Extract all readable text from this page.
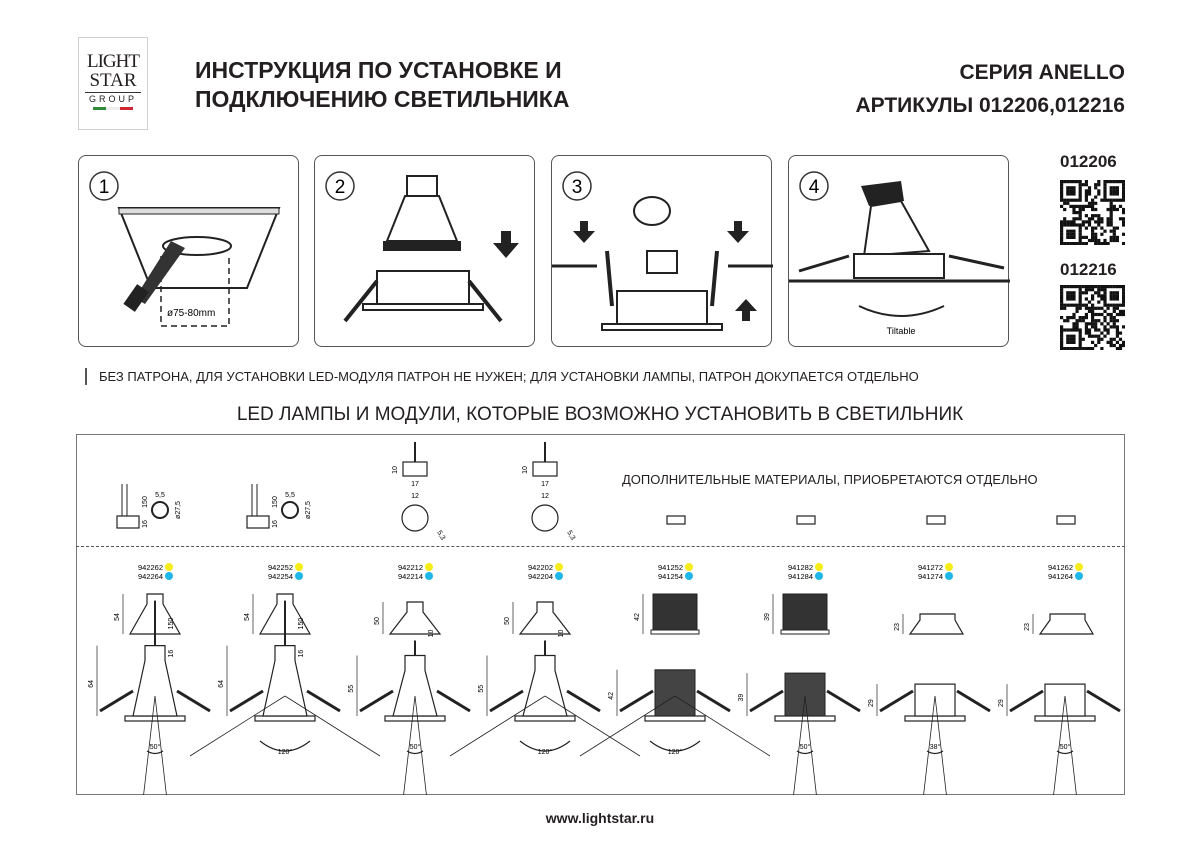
LIGHT
STAR
GROUP
ИНСТРУКЦИЯ ПО УСТАНОВКЕ И
ПОДКЛЮЧЕНИЮ СВЕТИЛЬНИКА
СЕРИЯ ANELLO
АРТИКУЛЫ 012206,012216
1
ø75-80mm
2	3	4
Tiltable
012206
012216
БЕЗ ПАТРОНА, ДЛЯ УСТАНОВКИ LED-МОДУЛЯ ПАТРОН НЕ НУЖЕН; ДЛЯ УСТАНОВКИ ЛАМПЫ, ПАТРОН ДОКУПАЕТСЯ ОТДЕЛЬНО
LED ЛАМПЫ И МОДУЛИ, КОТОРЫЕ ВОЗМОЖНО УСТАНОВИТЬ В СВЕТИЛЬНИК
ДОПОЛНИТЕЛЬНЫЕ МАТЕРИАЛЫ, ПРИОБРЕТАЮТСЯ ОТДЕЛЬНО
150
16
5,5
ø27,5
942262
942264
54
150
16
64
50°
150
16
5,5
ø27,5
942252
942254
54
150
16
64
120°
10
17
12
5,3
942212
942214
50
10
55
50°
10
17
12
5,3
942202
942204
50
10
55
120°
941252
941254
42
42
120°
941282
941284
39
39
50°
941272
941274
23
29
38°
941262
941264
23
29
50°
www.lightstar.ru
